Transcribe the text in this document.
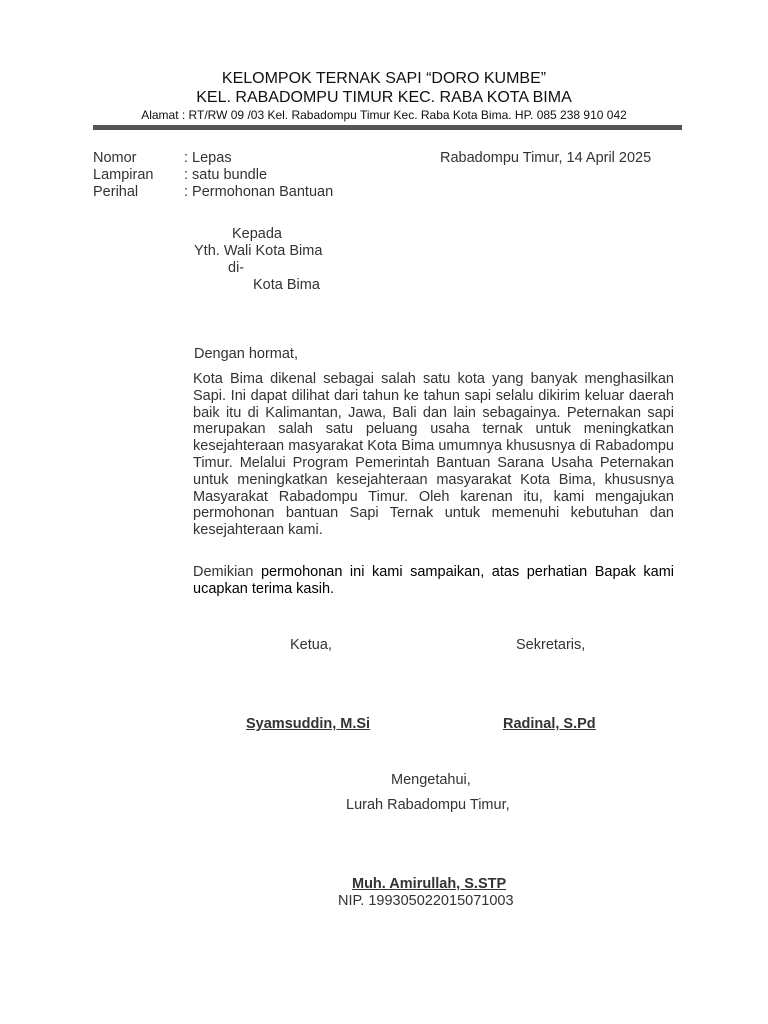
KELOMPOK TERNAK SAPI “DORO KUMBE”
KEL. RABADOMPU TIMUR KEC. RABA KOTA BIMA
Alamat : RT/RW 09 /03 Kel. Rabadompu Timur Kec. Raba Kota Bima. HP. 085 238 910 042
Nomor	: Lepas
Lampiran : satu bundle
Perihal	: Permohonan Bantuan
Rabadompu Timur, 14 April 2025
Kepada
Yth. Wali Kota Bima
di-
Kota Bima
Dengan hormat,

Kota Bima dikenal sebagai salah satu kota yang banyak menghasilkan Sapi. Ini dapat dilihat dari tahun ke tahun sapi selalu dikirim keluar daerah baik itu di Kalimantan, Jawa, Bali dan lain sebagainya. Peternakan sapi merupakan salah satu peluang usaha ternak untuk meningkatkan kesejahteraan masyarakat Kota Bima umumnya khususnya di Rabadompu Timur. Melalui Program Pemerintah Bantuan Sarana Usaha Peternakan untuk meningkatkan kesejahteraan masyarakat Kota Bima, khususnya Masyarakat Rabadompu Timur. Oleh karenan itu, kami mengajukan permohonan bantuan Sapi Ternak untuk memenuhi kebutuhan dan kesejahteraan kami.

Demikian permohonan ini kami sampaikan, atas perhatian Bapak kami ucapkan terima kasih.

Ketua,	Sekretaris,
Syamsuddin, M.Si	Radinal, S.Pd
Mengetahui,
Lurah Rabadompu Timur,
Muh. Amirullah, S.STP
NIP. 199305022015071003
